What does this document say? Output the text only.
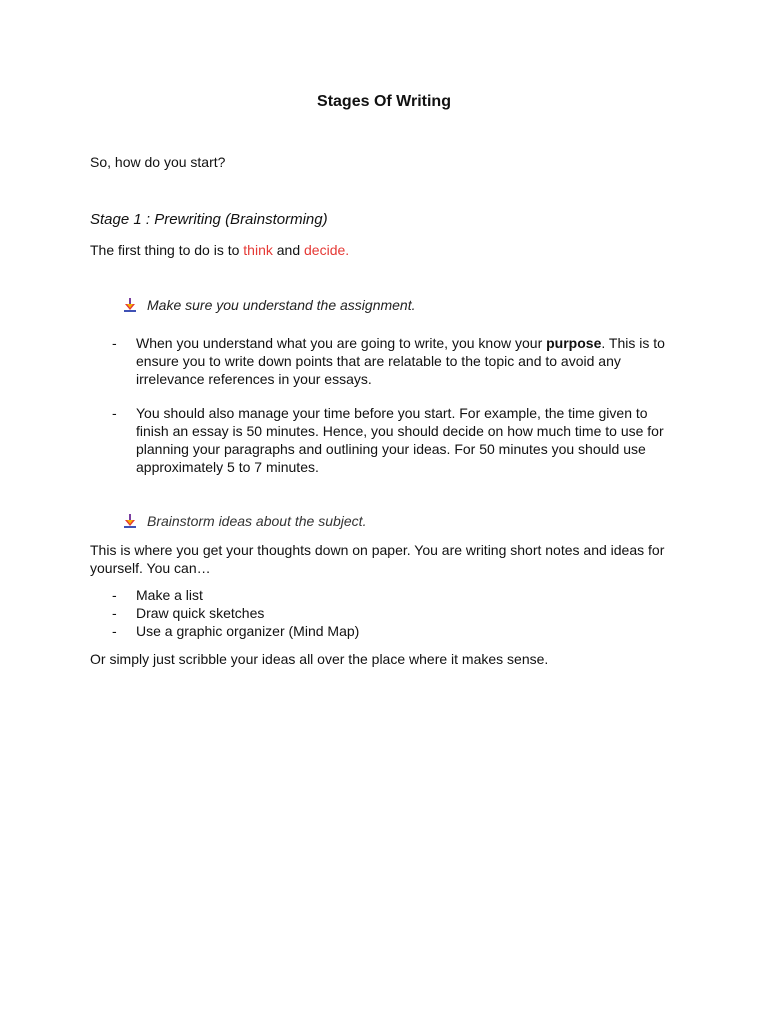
Stages Of Writing

So, how do you start?

Stage 1 : Prewriting (Brainstorming)

The first thing to do is to think and decide.

Make sure you understand the assignment.
-	When you understand what you are going to write, you know your purpose. This is to ensure you to write down points that are relatable to the topic and to avoid any irrelevance references in your essays.
-	You should also manage your time before you start. For example, the time given to finish an essay is 50 minutes. Hence, you should decide on how much time to use for planning your paragraphs and outlining your ideas. For 50 minutes you should use approximately 5 to 7 minutes.
Brainstorm ideas about the subject.

This is where you get your thoughts down on paper. You are writing short notes and ideas for yourself. You can…

-	Make a list
-	Draw quick sketches
-	Use a graphic organizer (Mind Map)

Or simply just scribble your ideas all over the place where it makes sense.
